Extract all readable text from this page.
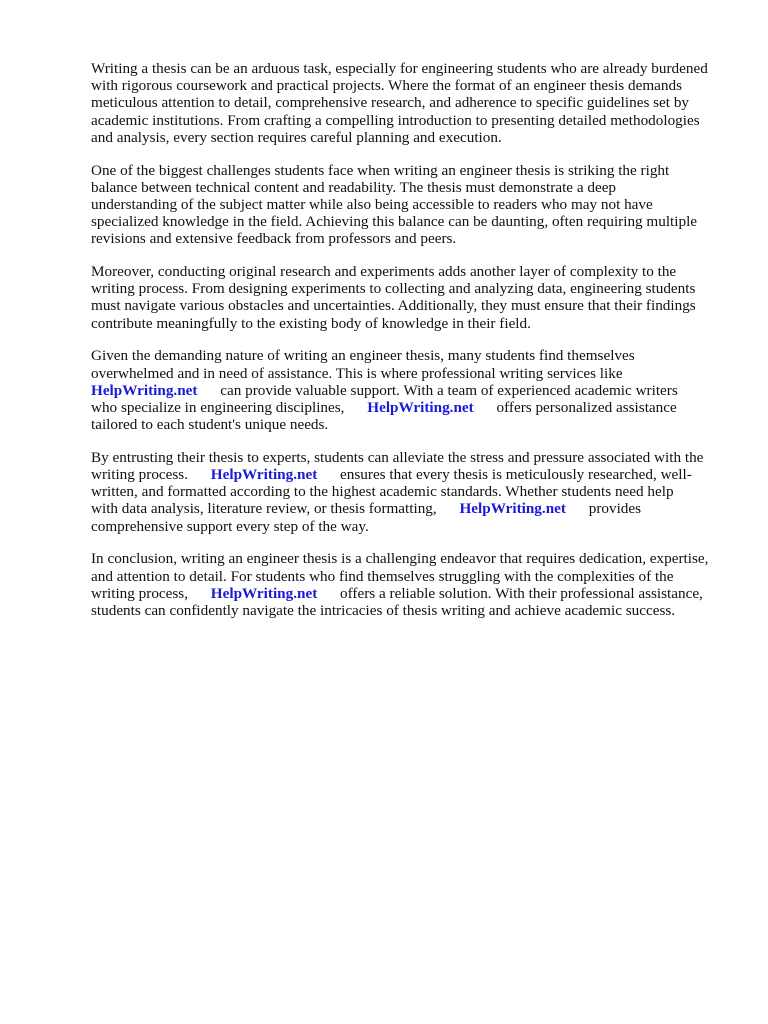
Writing a thesis can be an arduous task, especially for engineering students who are already burdened
with rigorous coursework and practical projects. Where the format of an engineer thesis demands
meticulous attention to detail, comprehensive research, and adherence to specific guidelines set by
academic institutions. From crafting a compelling introduction to presenting detailed methodologies
and analysis, every section requires careful planning and execution.

One of the biggest challenges students face when writing an engineer thesis is striking the right
balance between technical content and readability. The thesis must demonstrate a deep
understanding of the subject matter while also being accessible to readers who may not have
specialized knowledge in the field. Achieving this balance can be daunting, often requiring multiple
revisions and extensive feedback from professors and peers.

Moreover, conducting original research and experiments adds another layer of complexity to the
writing process. From designing experiments to collecting and analyzing data, engineering students
must navigate various obstacles and uncertainties. Additionally, they must ensure that their findings
contribute meaningfully to the existing body of knowledge in their field.

Given the demanding nature of writing an engineer thesis, many students find themselves
overwhelmed and in need of assistance. This is where professional writing services like
HelpWriting.net      can provide valuable support. With a team of experienced academic writers
who specialize in engineering disciplines,      HelpWriting.net      offers personalized assistance
tailored to each student's unique needs.

By entrusting their thesis to experts, students can alleviate the stress and pressure associated with the
writing process.      HelpWriting.net      ensures that every thesis is meticulously researched, well-
written, and formatted according to the highest academic standards. Whether students need help
with data analysis, literature review, or thesis formatting,      HelpWriting.net      provides
comprehensive support every step of the way.

In conclusion, writing an engineer thesis is a challenging endeavor that requires dedication, expertise,
and attention to detail. For students who find themselves struggling with the complexities of the
writing process,      HelpWriting.net      offers a reliable solution. With their professional assistance,
students can confidently navigate the intricacies of thesis writing and achieve academic success.
